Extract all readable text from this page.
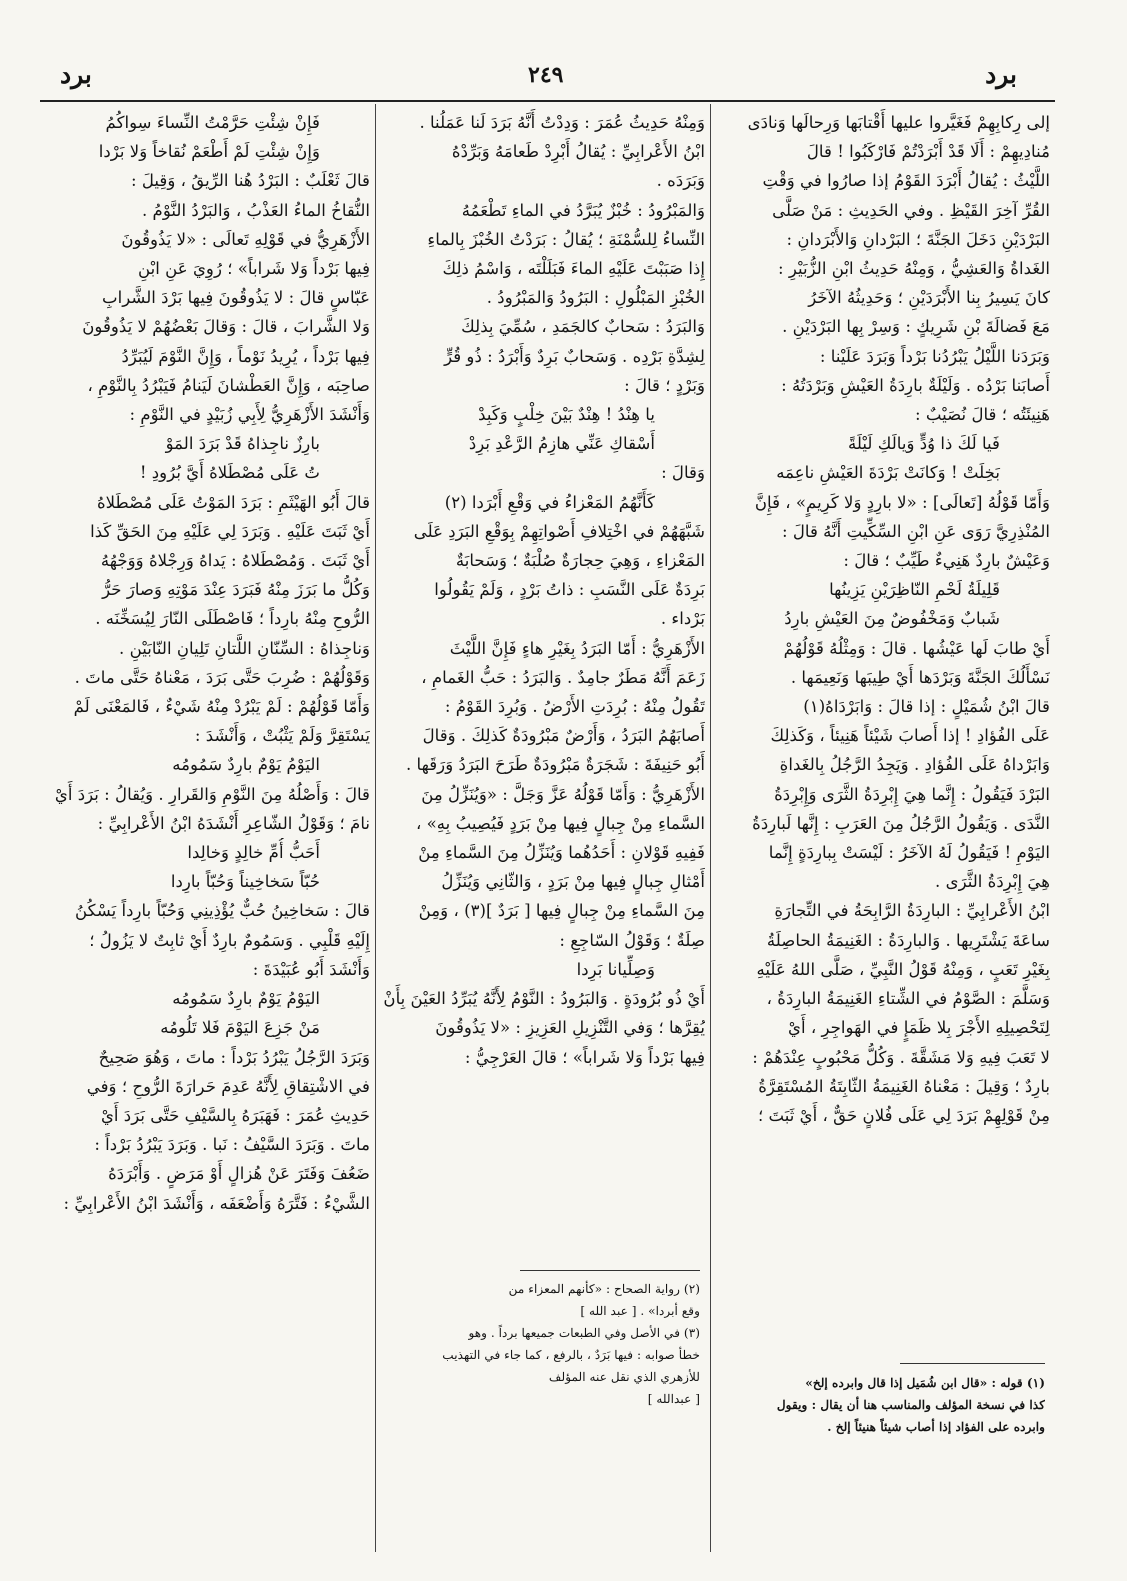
برد	٢٤٩	برد

إلى رِكابِهِمْ فَغَيَّروا عليها أَقْتابَها وَرِحالَها وَنادَى

مُنادِيهِمْ : أَلَا قَدْ أَبْرَدْتُمْ فَارْكَبُوا ! قالَ

اللَّيْثُ : يُقالُ أَبْرَدَ القَوْمُ إذا صارُوا في وَقْتِ

القُرِّ آخِرَ القَيْظِ . وفي الحَدِيثِ : مَنْ صَلَّى

البَرْدَيْنِ دَخَلَ الجَنَّةَ ؛ البَرْدانِ وَالأَبْرَدانِ :

الغَداةُ وَالعَشِيُّ ، وَمِنْهُ حَدِيثُ ابْنِ الزُّبَيْرِ :

كانَ يَسِيرُ بِنا الأَبْرَدَيْنِ ؛ وَحَدِيثُهُ الآخَرُ

مَعَ فَضالَةَ بْنِ شَرِيكٍ : وَسِرْ بِها البَرْدَيْنِ .

وَبَرَدَنا اللَّيْلُ يَبْرُدُنا بَرْداً وَبَرَدَ عَلَيْنا :

أَصابَنا بَرْدُه . وَلَيْلَةٌ بارِدَةُ العَيْشِ وَبَرْدَتُهُ :

هَنِيئَتُه ؛ قالَ نُصَيْبٌ :

فَيا لَكَ ذا وُدٍّ وَيالَكِ لَيْلَةً

بَخِلَتْ ! وَكانَتْ بَرْدَةَ العَيْشِ ناعِمَه

وَأَمّا قَوْلُهُ [تَعالَى] : «لا بارِدٍ وَلا كَرِيمٍ» ، فَإِنَّ

المُنْذِرِيَّ رَوَى عَنِ ابْنِ السِّكِّيتِ أَنَّهُ قالَ :

وَعَيْشٌ بارِدٌ هَنِيءٌ طَيِّبٌ ؛ قالَ :

قَلِيلَةُ لَحْمِ النّاظِرَيْنِ يَزِينُها

شَبابٌ وَمَخْفُوضٌ مِنَ العَيْشِ بارِدُ

أَيْ طابَ لَها عَيْشُها . قالَ : وَمِثْلُهُ قَوْلُهُمْ

نَسْأَلُكَ الجَنَّةَ وَبَرْدَها أَيْ طِيبَها وَنَعِيمَها .

قالَ ابْنُ شُمَيْلٍ : إذا قالَ : وَابَرْدَاهُ(١)

عَلَى الفُؤادِ ! إذا أَصابَ شَيْئاً هَنِيئاً ، وَكَذلِكَ

وَابَرْداهُ عَلَى الفُؤادِ . وَيَجِدُ الرَّجُلُ بِالغَداةِ

البَرْدَ فَيَقُولُ : إِنَّما هِيَ إِبْرِدَةُ الثَّرَى وَإِبْرِدَةُ

النَّدَى . وَيَقُولُ الرَّجُلُ مِنَ العَرَبِ : إِنَّها لَبارِدَةُ

اليَوْمِ ! فَيَقُولُ لَهُ الآخَرُ : لَيْسَتْ بِبارِدَةٍ إِنَّما

هِيَ إِبْرِدَةُ الثَّرَى .

ابْنُ الأَعْرابِيِّ : البارِدَةُ الرَّابِحَةُ في التِّجارَةِ

ساعَةَ يَشْتَرِيها . وَالبارِدَةُ : الغَنِيمَةُ الحاصِلَةُ

بِغَيْرِ تَعَبٍ ، وَمِنْهُ قَوْلُ النَّبِيِّ ، صَلَّى اللهُ عَلَيْهِ

وَسَلَّمَ : الصَّوْمُ في الشِّتاءِ الغَنِيمَةُ البارِدَةُ ،

لِتَحْصِيلِهِ الأَجْرَ بِلا ظَمَإٍ في الهَواجِرِ ، أَيْ

لا تَعَبَ فِيهِ وَلا مَشَقَّةَ . وَكُلُّ مَحْبُوبٍ عِنْدَهُمْ :

بارِدٌ ؛ وَقِيلَ : مَعْناهُ الغَنِيمَةُ الثّابِتَةُ المُسْتَقِرَّةُ

مِنْ قَوْلِهِمْ بَرَدَ لِي عَلَى فُلانٍ حَقٌّ ، أَيْ ثَبَتَ ؛

وَمِنْهُ حَدِيثُ عُمَرَ : وَدِدْتُ أَنَّهُ بَرَدَ لَنا عَمَلُنا .

ابْنُ الأَعْرابِيِّ : يُقالُ أَبْرِدْ طَعامَهُ وَبَرِّدْهُ

وَبَرَدَه .

وَالمَبْرُودُ : خُبْزٌ يُبَرَّدُ في الماءِ تَطْعَمُهُ

النِّساءُ لِلسُّمْنَةِ ؛ يُقالُ : بَرَدْتُ الخُبْزَ بِالماءِ

إِذا صَبَبْتَ عَلَيْهِ الماءَ فَبَلَلْتَه ، وَاسْمُ ذلِكَ

الخُبْزِ المَبْلُولِ : البَرُودُ وَالمَبْرُودُ .

وَالبَرَدُ : سَحابٌ كالجَمَدِ ، سُمِّيَ بِذلِكَ

لِشِدَّةِ بَرْدِه . وَسَحابٌ بَرِدٌ وَأَبْرَدُ : ذُو قُرٍّ

وَبَرْدٍ ؛ قالَ :

يا هِنْدُ ! هِنْدٌ بَيْنَ خِلْبٍ وَكَبِدْ

أَسْقاكِ عَنِّي هازِمُ الرَّعْدِ بَرِدْ

وَقالَ :

كَأَنَّهُمُ المَعْزاءُ في وَقْعِ أَبْرَدا (٢)

شَبَّهَهُمْ في اخْتِلافِ أَصْواتِهِمْ بِوَقْعِ البَرَدِ عَلَى

المَعْزاءِ ، وَهِيَ حِجارَةٌ صُلْبَةٌ ؛ وَسَحابَةٌ

بَرِدَةٌ عَلَى النَّسَبِ : ذاتُ بَرْدٍ ، وَلَمْ يَقُولُوا

بَرْداء .

الأَزْهَرِيُّ : أَمّا البَرَدُ بِغَيْرِ هاءٍ فَإِنَّ اللَّيْثَ

زَعَمَ أَنَّهُ مَطَرٌ جامِدٌ . وَالبَرَدُ : حَبُّ الغَمامِ ،

تَقُولُ مِنْهُ : بُرِدَتِ الأَرْضُ . وَبُرِدَ القَوْمُ :

أَصابَهُمُ البَرَدُ ، وَأَرْضٌ مَبْرُودَةٌ كَذلِكَ . وَقالَ

أَبُو حَنِيفَةَ : شَجَرَةٌ مَبْرُودَةٌ طَرَحَ البَرَدُ وَرَقَها .

الأَزْهَرِيُّ : وَأَمّا قَوْلُهُ عَزَّ وَجَلَّ : «وَيُنَزِّلُ مِنَ

السَّماءِ مِنْ جِبالٍ فِيها مِنْ بَرَدٍ فَيُصِيبُ بِهِ» ،

فَفِيهِ قَوْلانِ : أَحَدُهُما وَيُنَزِّلُ مِنَ السَّماءِ مِنْ

أَمْثالِ جِبالٍ فِيها مِنْ بَرَدٍ ، وَالثّانِي وَيُنَزِّلُ

مِنَ السَّماءِ مِنْ جِبالٍ فِيها [ بَرَدٌ ](٣) ، وَمِنْ

صِلَةٌ ؛ وَقَوْلُ السّاجِعِ :

وَصِلِّيانا بَرِدا

أَيْ ذُو بُرُودَةٍ . وَالبَرُودُ : النَّوْمُ لِأَنَّهُ يُبَرِّدُ العَيْنَ بِأَنْ

يُقِرَّها ؛ وَفي التَّنْزِيلِ العَزِيزِ : «لا يَذُوقُونَ

فِيها بَرْداً وَلا شَراباً» ؛ قالَ العَرْجِيُّ :

فَإِنْ شِئْتِ حَرَّمْتُ النِّساءَ سِواكُمُ

وَإِنْ شِئْتِ لَمْ أَطْعَمْ نُقاخاً وَلا بَرْدا

قالَ ثَعْلَبٌ : البَرْدُ هُنا الرِّيقُ ، وَقِيلَ :

النُّقاخُ الماءُ العَذْبُ ، وَالبَرْدُ النَّوْمُ .

الأَزْهَرِيُّ في قَوْلِهِ تَعالَى : «لا يَذُوقُونَ

فِيها بَرْداً وَلا شَراباً» ؛ رُوِيَ عَنِ ابْنِ

عَبّاسٍ قالَ : لا يَذُوقُونَ فِيها بَرْدَ الشَّرابِ

وَلا الشَّرابَ ، قالَ : وَقالَ بَعْضُهُمْ لا يَذُوقُونَ

فِيها بَرْداً ، يُرِيدُ نَوْماً ، وَإِنَّ النَّوْمَ لَيُبَرِّدُ

صاحِبَه ، وَإِنَّ العَطْشانَ لَيَنامُ فَيَبْرُدُ بِالنَّوْمِ ،

وَأَنْشَدَ الأَزْهَرِيُّ لِأَبِي زُبَيْدٍ في النَّوْمِ :

بارِزٌ ناجِذاهُ قَدْ بَرَدَ المَوْ

تُ عَلَى مُصْطَلاهُ أَيَّ بُرُودِ !

قالَ أَبُو الهَيْثَمِ : بَرَدَ المَوْتُ عَلَى مُصْطَلاهُ

أَيْ ثَبَتَ عَلَيْهِ . وَبَرَدَ لِي عَلَيْهِ مِنَ الحَقِّ كَذا

أَيْ ثَبَتَ . وَمُصْطَلاهُ : يَداهُ وَرِجْلاهُ وَوَجْهُهُ

وَكُلُّ ما بَرَزَ مِنْهُ فَبَرَدَ عِنْدَ مَوْتِهِ وَصارَ حَرُّ

الرُّوحِ مِنْهُ بارِداً ؛ فَاصْطَلَى النّارَ لِيُسَخِّنَه .

وَناجِذاهُ : السِّنّانِ اللَّتانِ تَلِيانِ النّابَيْنِ .

وَقَوْلُهُمْ : ضُرِبَ حَتَّى بَرَدَ ، مَعْناهُ حَتَّى ماتَ .

وَأَمّا قَوْلُهُمْ : لَمْ يَبْرُدْ مِنْهُ شَيْءٌ ، فَالمَعْنَى لَمْ

يَسْتَقِرَّ وَلَمْ يَثْبُتْ ، وَأَنْشَدَ :

اليَوْمُ يَوْمٌ بارِدٌ سَمُومُه

قالَ : وَأَصْلُهُ مِنَ النَّوْمِ وَالقَرارِ . وَيُقالُ : بَرَدَ أَيْ

نامَ ؛ وَقَوْلُ الشّاعِرِ أَنْشَدَهُ ابْنُ الأَعْرابِيِّ :

أَحَبُّ أُمِّ خالِدٍ وَخالِدا

حُبّاً سَخاخِيناً وَحُبّاً بارِدا

قالَ : سَخاخِينُ حُبٌّ يُؤْذِينِي وَحُبّاً بارِداً يَسْكُنُ

إِلَيْهِ قَلْبِي . وَسَمُومٌ بارِدٌ أَيْ ثابِتٌ لا يَزُولُ ؛

وَأَنْشَدَ أَبُو عُبَيْدَةَ :

اليَوْمُ يَوْمٌ بارِدٌ سَمُومُه

مَنْ جَزِعَ اليَوْمَ فَلا تَلُومُه

وَبَرَدَ الرَّجُلُ يَبْرُدُ بَرْداً : ماتَ ، وَهُوَ صَحِيحٌ

في الاشْتِقاقِ لِأَنَّهُ عَدِمَ حَرارَةَ الرُّوحِ ؛ وَفي

حَدِيثِ عُمَرَ : فَهَبَرَهُ بِالسَّيْفِ حَتَّى بَرَدَ أَيْ

ماتَ . وَبَرَدَ السَّيْفُ : نَبا . وَبَرَدَ يَبْرُدُ بَرْداً :

ضَعُفَ وَفَتَرَ عَنْ هُزالٍ أَوْ مَرَضٍ . وَأَبْرَدَهُ

الشَّيْءُ : فَتَّرَهُ وَأَضْعَفَه ، وَأَنْشَدَ ابْنُ الأَعْرابِيِّ :

(٢) رواية الصحاح : «كأنهم المعزاء من

وقع أبردا» . [ عبد الله ]

(٣) في الأصل وفي الطبعات جميعها برداً . وهو

خطأ صوابه : فيها بَرَدٌ ، بالرفع ، كما جاء في التهذيب

للأزهري الذي نقل عنه المؤلف

[ عبدالله ]

(١) قوله : «قال ابن شُمَيل إذا قال وابرده إلخ»

كذا في نسخة المؤلف والمناسب هنا أن يقال : ويقول

وابرده على الفؤاد إذا أصاب شيئاً هنيئاً إلخ .
